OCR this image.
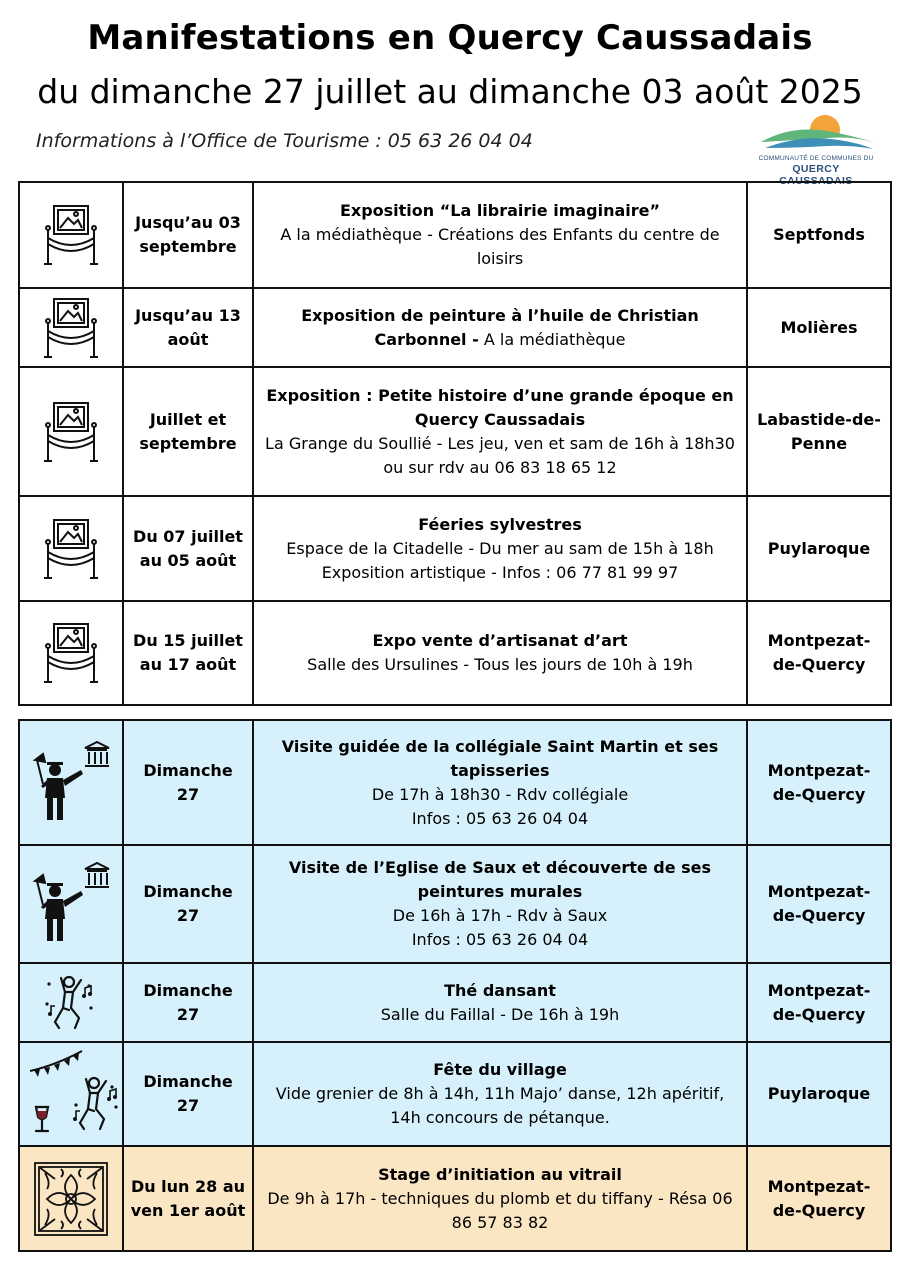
Manifestations en Quercy Caussadais
du dimanche 27 juillet au dimanche 03 août 2025
Informations à l’Office de Tourisme : 05 63 26 04 04
COMMUNAUTÉ DE COMMUNES DU
QUERCY CAUSSADAIS
	Jusqu’au 03 septembre	Exposition “La librairie imaginaire”
A la médiathèque - Créations des Enfants du centre de loisirs	Septfonds

	Jusqu’au 13 août	Exposition de peinture à l’huile de Christian Carbonnel - A la médiathèque	Molières

	Juillet et septembre	Exposition : Petite histoire d’une grande époque en Quercy Caussadais
La Grange du Soullié - Les jeu, ven et sam de 16h à 18h30 ou sur rdv au 06 83 18 65 12	Labastide-de-Penne

	Du 07 juillet au 05 août	Féeries sylvestres
Espace de la Citadelle - Du mer au sam de 15h à 18h
Exposition artistique - Infos : 06 77 81 99 97	Puylaroque

	Du 15 juillet au 17 août	Expo vente d’artisanat d’art
Salle des Ursulines - Tous les jours de 10h à 19h	Montpezat-de-Quercy
	Dimanche 27	Visite guidée de la collégiale Saint Martin et ses tapisseries
De 17h à 18h30 - Rdv collégiale
Infos : 05 63 26 04 04	Montpezat-de-Quercy

	Dimanche 27	Visite de l’Eglise de Saux et découverte de ses peintures murales
De 16h à 17h - Rdv à Saux
Infos : 05 63 26 04 04	Montpezat-de-Quercy

	Dimanche 27	Thé dansant
Salle du Faillal - De 16h à 19h	Montpezat-de-Quercy

	Dimanche 27	Fête du village
Vide grenier de 8h à 14h, 11h Majo’ danse, 12h apéritif, 14h concours de pétanque.	Puylaroque

	Du lun 28 au ven 1er août	Stage d’initiation au vitrail
De 9h à 17h - techniques du plomb et du tiffany - Résa 06 86 57 83 82	Montpezat-de-Quercy
